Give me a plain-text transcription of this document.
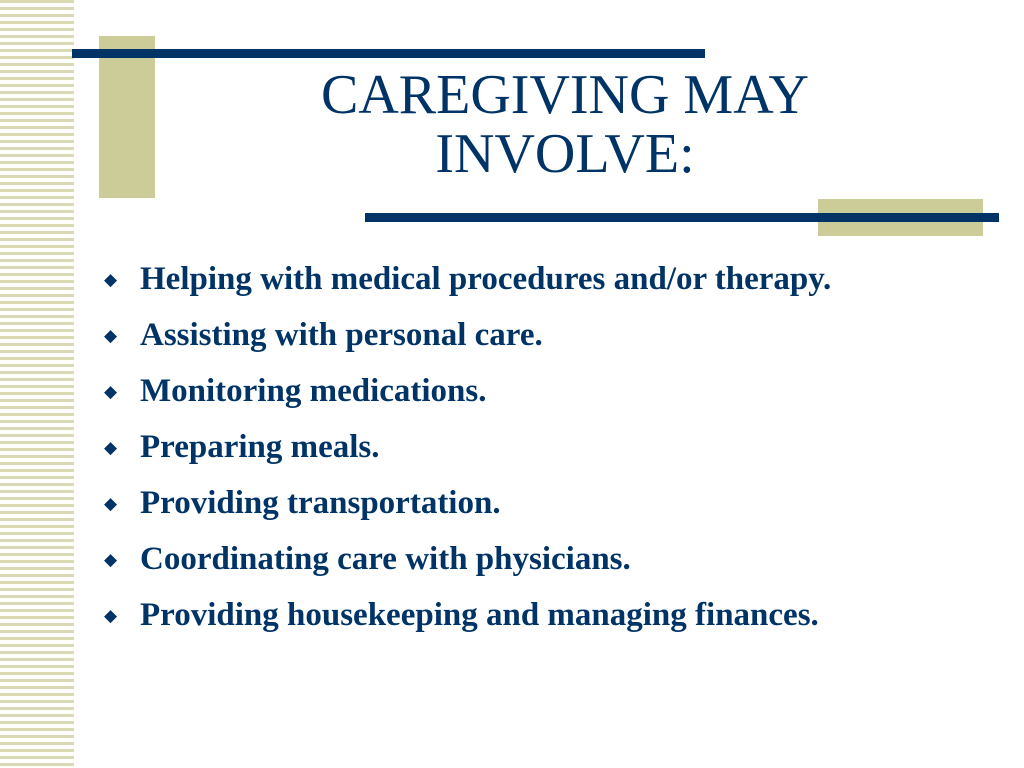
CAREGIVING MAY
INVOLVE:
◆ Helping with medical procedures and/or therapy.
◆ Assisting with personal care.
◆ Monitoring medications.
◆ Preparing meals.
◆ Providing transportation.
◆ Coordinating care with physicians.
◆ Providing housekeeping and managing finances.
